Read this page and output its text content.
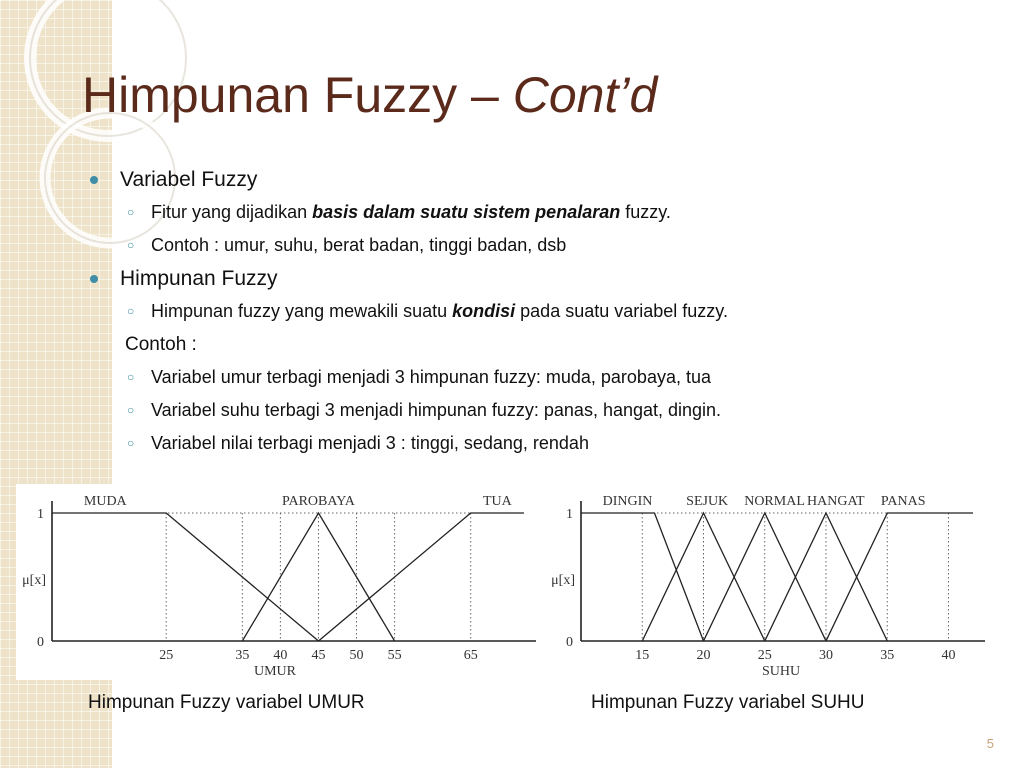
Himpunan Fuzzy – Cont’d
Variabel Fuzzy
○ Fitur yang dijadikan basis dalam suatu sistem penalaran fuzzy.
○ Contoh : umur, suhu, berat badan, tinggi badan, dsb
Himpunan Fuzzy
○ Himpunan fuzzy yang mewakili suatu kondisi pada suatu variabel fuzzy.
Contoh :
○ Variabel umur terbagi menjadi 3 himpunan fuzzy: muda, parobaya, tua
○ Variabel suhu terbagi 3 menjadi himpunan fuzzy: panas, hangat, dingin.
○ Variabel nilai terbagi menjadi 3 : tinggi, sedang, rendah
MUDA	PAROBAYA	TUA
25	35 40 45 50 55	65
1
0
μ[x]
UMUR
DINGIN SEJUK NORMAL HANGAT PANAS
15	20	25	30	35	40
1
0
μ[x]
SUHU
Himpunan Fuzzy variabel UMUR	Himpunan Fuzzy variabel SUHU
5
